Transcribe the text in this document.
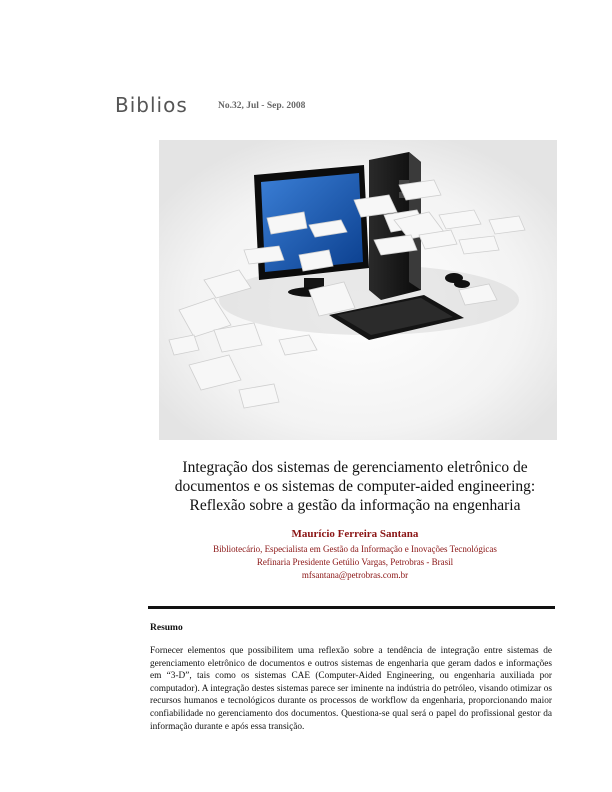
Biblios	No.32, Jul - Sep. 2008
Integração dos sistemas de gerenciamento eletrônico de
documentos e os sistemas de computer-aided engineering:
Reflexão sobre a gestão da informação na engenharia
Maurício Ferreira Santana
Bibliotecário, Especialista em Gestão da Informação e Inovações Tecnológicas
Refinaria Presidente Getúlio Vargas, Petrobras - Brasil
mfsantana@petrobras.com.br
Resumo
Fornecer elementos que possibilitem uma reflexão sobre a tendência de integração entre sistemas de gerenciamento eletrônico de documentos e outros sistemas de engenharia que geram dados e informações em “3-D”, tais como os sistemas CAE (Computer-Aided Engineering, ou engenharia auxiliada por computador). A integração destes sistemas parece ser iminente na indústria do petróleo, visando otimizar os recursos humanos e tecnológicos durante os processos de workflow da engenharia, proporcionando maior confiabilidade no gerenciamento dos documentos. Questiona-se qual será o papel do profissional gestor da informação durante e após essa transição.
